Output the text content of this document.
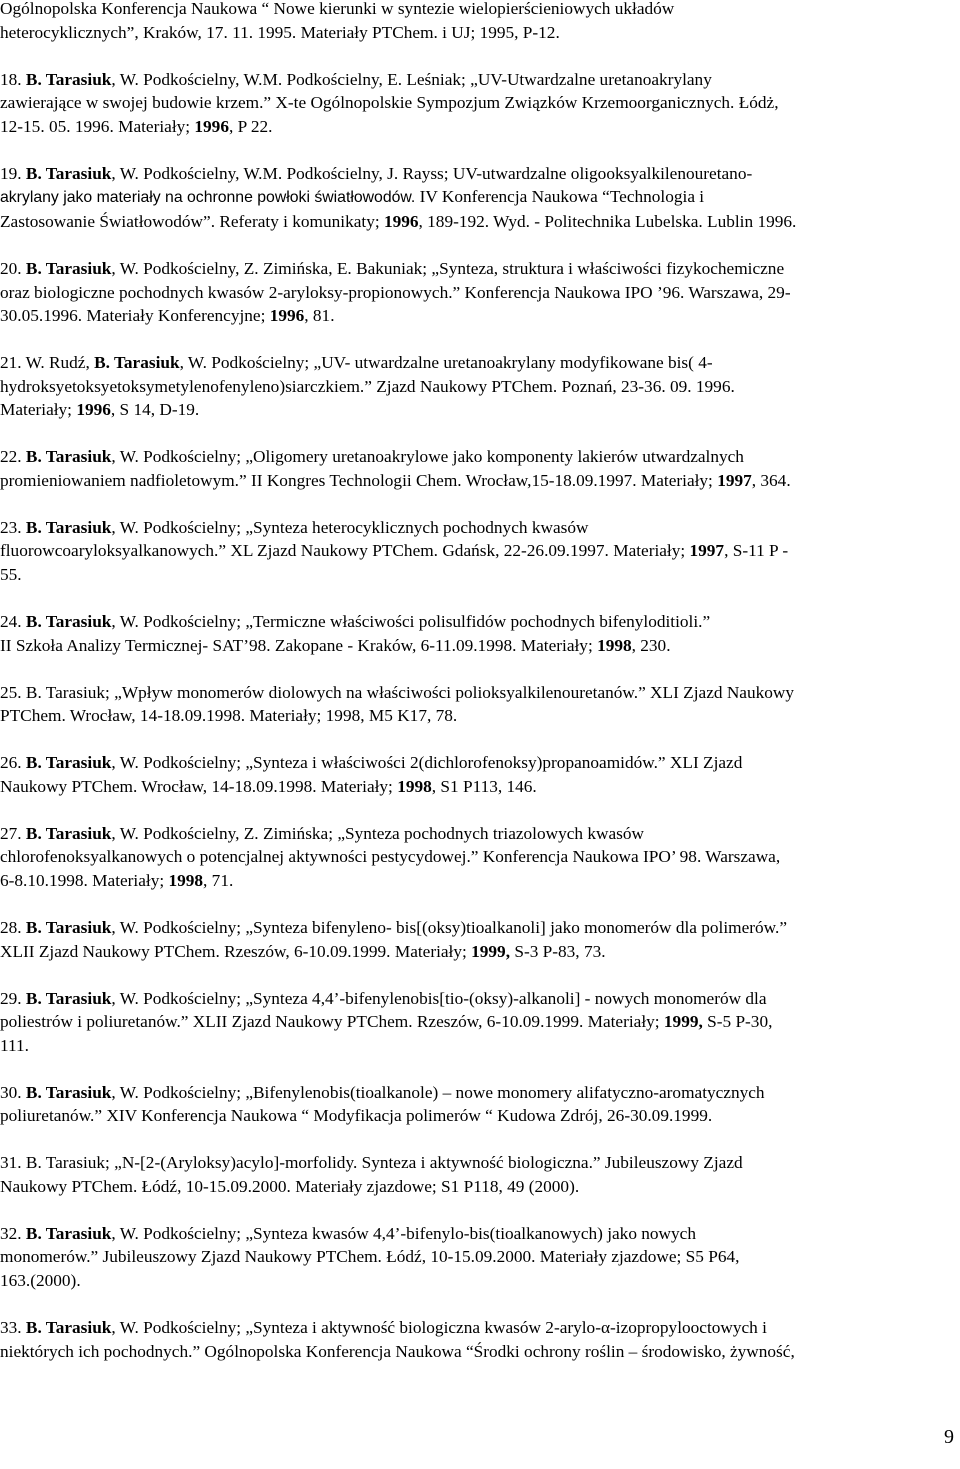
Ogólnopolska Konferencja Naukowa “ Nowe kierunki w syntezie wielopierścieniowych układów
heterocyklicznych”, Kraków, 17. 11. 1995. Materiały PTChem. i UJ; 1995, P-12.

18. B. Tarasiuk, W. Podkościelny, W.M. Podkościelny, E. Leśniak; „UV-Utwardzalne uretanoakrylany
zawierające w swojej budowie krzem.” X-te Ogólnopolskie Sympozjum Związków Krzemoorganicznych. Łódż,
12-15. 05. 1996. Materiały; 1996, P 22.

19. B. Tarasiuk, W. Podkościelny, W.M. Podkościelny, J. Rayss; UV-utwardzalne oligooksyalkilenouretano-
akrylany jako materiały na ochronne powłoki światłowodów. IV Konferencja Naukowa “Technologia i
Zastosowanie Światłowodów”. Referaty i komunikaty; 1996, 189-192. Wyd. - Politechnika Lubelska. Lublin 1996.

20. B. Tarasiuk, W. Podkościelny, Z. Zimińska, E. Bakuniak; „Synteza, struktura i właściwości fizykochemiczne
oraz biologiczne pochodnych kwasów 2-aryloksy-propionowych.” Konferencja Naukowa IPO ’96. Warszawa, 29-
30.05.1996. Materiały Konferencyjne; 1996, 81.

21. W. Rudź, B. Tarasiuk, W. Podkościelny; „UV- utwardzalne uretanoakrylany modyfikowane bis( 4-
hydroksyetoksyetoksymetylenofenyleno)siarczkiem.” Zjazd Naukowy PTChem. Poznań, 23-36. 09. 1996.
Materiały; 1996, S 14, D-19.

22. B. Tarasiuk, W. Podkościelny; „Oligomery uretanoakrylowe jako komponenty lakierów utwardzalnych
promieniowaniem nadfioletowym.” II Kongres Technologii Chem. Wrocław,15-18.09.1997. Materiały; 1997, 364.

23. B. Tarasiuk, W. Podkościelny; „Synteza heterocyklicznych pochodnych kwasów
fluorowcoaryloksyalkanowych.” XL Zjazd Naukowy PTChem. Gdańsk, 22-26.09.1997. Materiały; 1997, S-11 P -
55.

24. B. Tarasiuk, W. Podkościelny; „Termiczne właściwości polisulfidów pochodnych bifenyloditioli.”
II Szkoła Analizy Termicznej- SAT’98. Zakopane - Kraków, 6-11.09.1998. Materiały; 1998, 230.

25. B. Tarasiuk; „Wpływ monomerów diolowych na właściwości polioksyalkilenouretanów.” XLI Zjazd Naukowy
PTChem. Wrocław, 14-18.09.1998. Materiały; 1998, M5 K17, 78.

26. B. Tarasiuk, W. Podkościelny; „Synteza i właściwości 2(dichlorofenoksy)propanoamidów.” XLI Zjazd
Naukowy PTChem. Wrocław, 14-18.09.1998. Materiały; 1998, S1 P113, 146.

27. B. Tarasiuk, W. Podkościelny, Z. Zimińska; „Synteza pochodnych triazolowych kwasów
chlorofenoksyalkanowych o potencjalnej aktywności pestycydowej.” Konferencja Naukowa IPO’ 98. Warszawa,
6-8.10.1998. Materiały; 1998, 71.

28. B. Tarasiuk, W. Podkościelny; „Synteza bifenyleno- bis[(oksy)tioalkanoli] jako monomerów dla polimerów.”
XLII Zjazd Naukowy PTChem. Rzeszów, 6-10.09.1999. Materiały; 1999, S-3 P-83, 73.

29. B. Tarasiuk, W. Podkościelny; „Synteza 4,4’-bifenylenobis[tio-(oksy)-alkanoli] - nowych monomerów dla
poliestrów i poliuretanów.” XLII Zjazd Naukowy PTChem. Rzeszów, 6-10.09.1999. Materiały; 1999, S-5 P-30,
111.

30. B. Tarasiuk, W. Podkościelny; „Bifenylenobis(tioalkanole) – nowe monomery alifatyczno-aromatycznych
poliuretanów.” XIV Konferencja Naukowa “ Modyfikacja polimerów “ Kudowa Zdrój, 26-30.09.1999.

31. B. Tarasiuk; „N-[2-(Aryloksy)acylo]-morfolidy. Synteza i aktywność biologiczna.” Jubileuszowy Zjazd
Naukowy PTChem. Łódź, 10-15.09.2000. Materiały zjazdowe; S1 P118, 49 (2000).

32. B. Tarasiuk, W. Podkościelny; „Synteza kwasów 4,4’-bifenylo-bis(tioalkanowych) jako nowych
monomerów.” Jubileuszowy Zjazd Naukowy PTChem. Łódź, 10-15.09.2000. Materiały zjazdowe; S5 P64,
163.(2000).

33. B. Tarasiuk, W. Podkościelny; „Synteza i aktywność biologiczna kwasów 2-arylo-α-izopropylooctowych i
niektórych ich pochodnych.” Ogólnopolska Konferencja Naukowa “Środki ochrony roślin – środowisko, żywność,

9
